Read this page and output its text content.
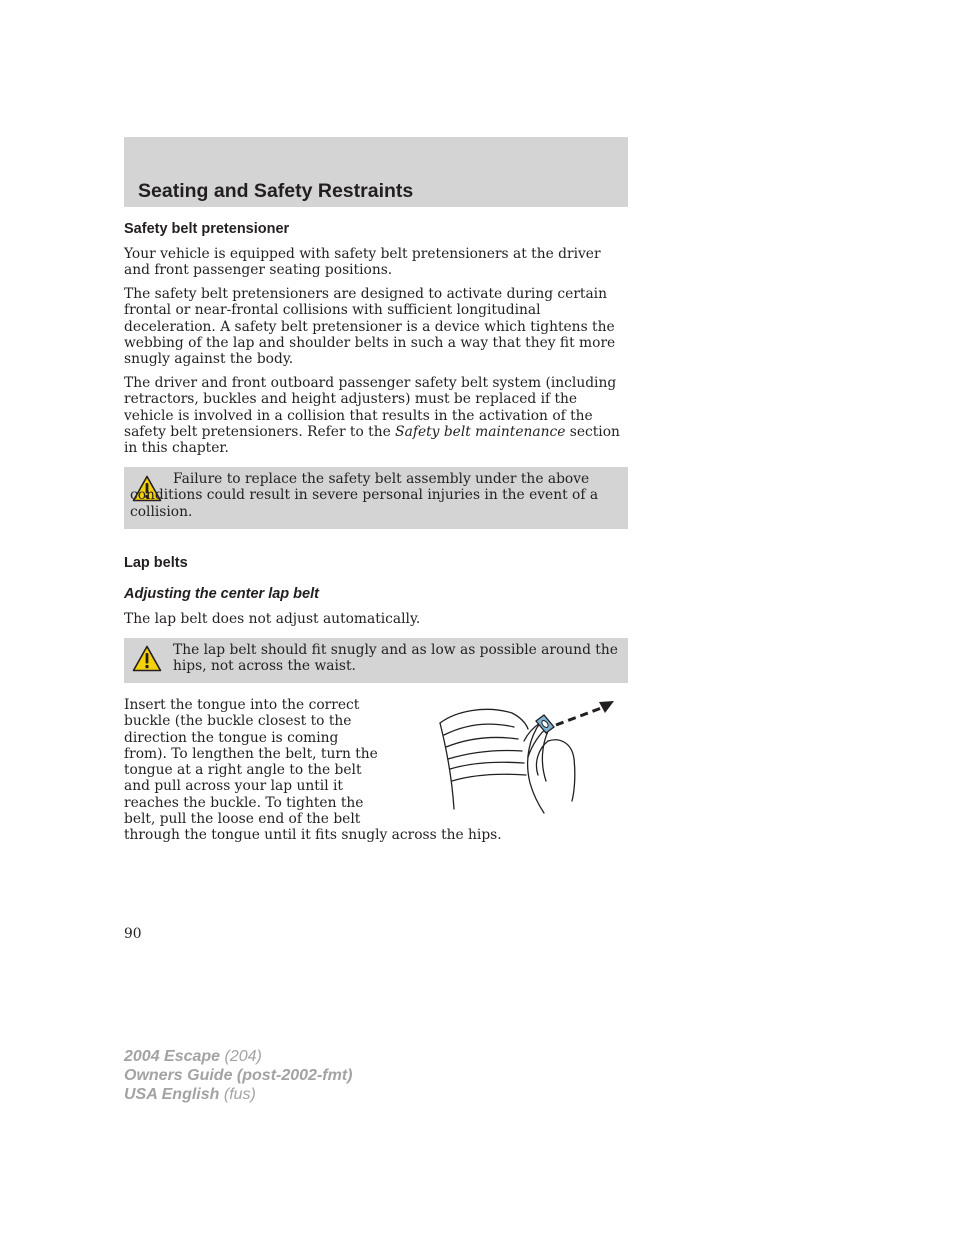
Seating and Safety Restraints
Safety belt pretensioner

Your vehicle is equipped with safety belt pretensioners at the driver and front passenger seating positions.

The safety belt pretensioners are designed to activate during certain frontal or near-frontal collisions with sufficient longitudinal deceleration. A safety belt pretensioner is a device which tightens the webbing of the lap and shoulder belts in such a way that they fit more snugly against the body.

The driver and front outboard passenger safety belt system (including retractors, buckles and height adjusters) must be replaced if the vehicle is involved in a collision that results in the activation of the safety belt pretensioners. Refer to the Safety belt maintenance section in this chapter.

Failure to replace the safety belt assembly under the above conditions could result in severe personal injuries in the event of a collision.

Lap belts
Adjusting the center lap belt

The lap belt does not adjust automatically.

The lap belt should fit snugly and as low as possible around the hips, not across the waist.

Insert the tongue into the correct buckle (the buckle closest to the direction the tongue is coming from). To lengthen the belt, turn the tongue at a right angle to the belt and pull across your lap until it reaches the buckle. To tighten the belt, pull the loose end of the belt through the tongue until it fits snugly across the hips.

90

2004 Escape (204)
Owners Guide (post-2002-fmt)
USA English (fus)
